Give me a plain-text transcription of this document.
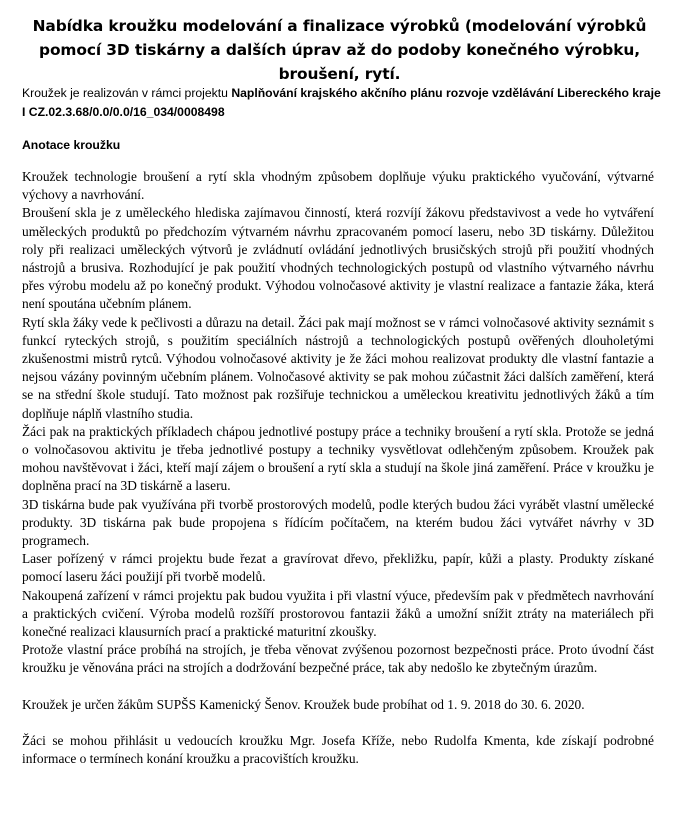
Nabídka kroužku modelování a finalizace výrobků (modelování výrobků pomocí 3D tiskárny a dalších úprav až do podoby konečného výrobku, broušení, rytí.
Kroužek je realizován v rámci projektu Naplňování krajského akčního plánu rozvoje vzdělávání Libereckého kraje I CZ.02.3.68/0.0/0.0/16_034/0008498
Anotace kroužku

Kroužek technologie broušení a rytí skla vhodným způsobem doplňuje výuku praktického vyučování, výtvarné výchovy a navrhování.

Broušení skla je z uměleckého hlediska zajímavou činností, která rozvíjí žákovu představivost a vede ho vytváření uměleckých produktů po předchozím výtvarném návrhu zpracovaném pomocí laseru, nebo 3D tiskárny. Důležitou roly při realizaci uměleckých výtvorů je zvládnutí ovládání jednotlivých brusičských strojů při použití vhodných nástrojů a brusiva. Rozhodující je pak použití vhodných technologických postupů od vlastního výtvarného návrhu přes výrobu modelu až po konečný produkt. Výhodou volnočasové aktivity je vlastní realizace a fantazie žáka, která není spoutána učebním plánem.

Rytí skla žáky vede k pečlivosti a důrazu na detail. Žáci pak mají možnost se v rámci volnočasové aktivity seznámit s funkcí ryteckých strojů, s použitím speciálních nástrojů a technologických postupů ověřených dlouholetými zkušenostmi mistrů rytců. Výhodou volnočasové aktivity je že žáci mohou realizovat produkty dle vlastní fantazie a nejsou vázány povinným učebním plánem. Volnočasové aktivity se pak mohou zúčastnit žáci dalších zaměření, která se na střední škole studují. Tato možnost pak rozšiřuje technickou a uměleckou kreativitu jednotlivých žáků a tím doplňuje náplň vlastního studia.

Žáci pak na praktických příkladech chápou jednotlivé postupy práce a techniky broušení a rytí skla. Protože se jedná o volnočasovou aktivitu je třeba jednotlivé postupy a techniky vysvětlovat odlehčeným způsobem. Kroužek pak mohou navštěvovat i žáci, kteří mají zájem o broušení a rytí skla a studují na škole jiná zaměření. Práce v kroužku je doplněna prací na 3D tiskárně a laseru.

3D tiskárna bude pak využívána při tvorbě prostorových modelů, podle kterých budou žáci vyrábět vlastní umělecké produkty. 3D tiskárna pak bude propojena s řídícím počítačem, na kterém budou žáci vytvářet návrhy v 3D programech.

Laser pořízený v rámci projektu bude řezat a gravírovat dřevo, překližku, papír, kůži a plasty. Produkty získané pomocí laseru žáci použijí při tvorbě modelů.

Nakoupená zařízení v rámci projektu pak budou využita i při vlastní výuce, především pak v předmětech navrhování a praktických cvičení. Výroba modelů rozšíří prostorovou fantazii žáků a umožní snížit ztráty na materiálech při konečné realizaci klausurních prací a praktické maturitní zkoušky.

Protože vlastní práce probíhá na strojích, je třeba věnovat zvýšenou pozornost bezpečnosti práce. Proto úvodní část kroužku je věnována práci na strojích a dodržování bezpečné práce, tak aby nedošlo ke zbytečným úrazům.

Kroužek je určen žákům SUPŠS Kamenický Šenov. Kroužek bude probíhat od 1. 9. 2018 do 30. 6. 2020.

Žáci se mohou přihlásit u vedoucích kroužku Mgr. Josefa Kříže, nebo Rudolfa Kmenta, kde získají podrobné informace o termínech konání kroužku a pracovištích kroužku.
